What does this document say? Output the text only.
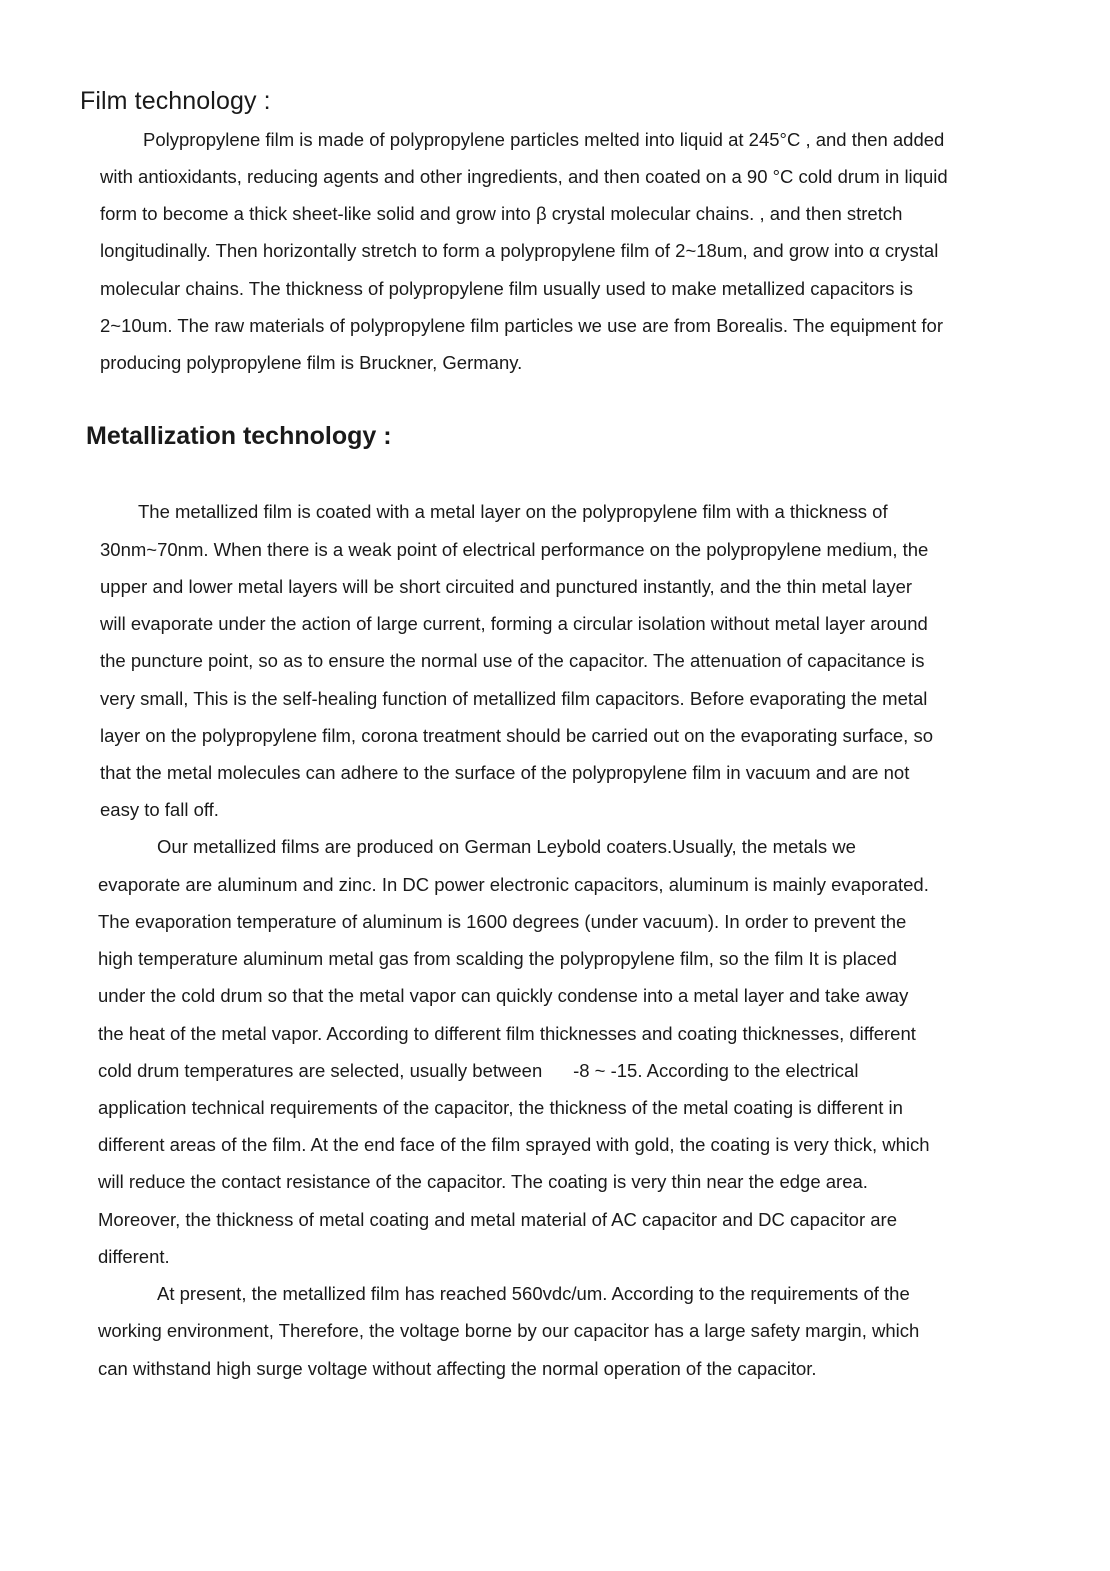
Film technology :

Polypropylene film is made of polypropylene particles melted into liquid at 245°C , and then added

with antioxidants, reducing agents and other ingredients, and then coated on a 90 °C cold drum in liquid

form to become a thick sheet-like solid and grow into β crystal molecular chains. , and then stretch

longitudinally. Then horizontally stretch to form a polypropylene film of 2~18um, and grow into α crystal

molecular chains. The thickness of polypropylene film usually used to make metallized capacitors is

2~10um. The raw materials of polypropylene film particles we use are from Borealis. The equipment for

producing polypropylene film is Bruckner, Germany.

Metallization technology :

The metallized film is coated with a metal layer on the polypropylene film with a thickness of

30nm~70nm. When there is a weak point of electrical performance on the polypropylene medium, the

upper and lower metal layers will be short circuited and punctured instantly, and the thin metal layer

will evaporate under the action of large current, forming a circular isolation without metal layer around

the puncture point, so as to ensure the normal use of the capacitor. The attenuation of capacitance is

very small, This is the self-healing function of metallized film capacitors. Before evaporating the metal

layer on the polypropylene film, corona treatment should be carried out on the evaporating surface, so

that the metal molecules can adhere to the surface of the polypropylene film in vacuum and are not

easy to fall off.

Our metallized films are produced on German Leybold coaters.Usually, the metals we

evaporate are aluminum and zinc. In DC power electronic capacitors, aluminum is mainly evaporated.

The evaporation temperature of aluminum is 1600 degrees (under vacuum). In order to prevent the

high temperature aluminum metal gas from scalding the polypropylene film, so the film It is placed

under the cold drum so that the metal vapor can quickly condense into a metal layer and take away

the heat of the metal vapor. According to different film thicknesses and coating thicknesses, different

cold drum temperatures are selected, usually between      -8 ~ -15. According to the electrical

application technical requirements of the capacitor, the thickness of the metal coating is different in

different areas of the film. At the end face of the film sprayed with gold, the coating is very thick, which

will reduce the contact resistance of the capacitor. The coating is very thin near the edge area.

Moreover, the thickness of metal coating and metal material of AC capacitor and DC capacitor are

different.

At present, the metallized film has reached 560vdc/um. According to the requirements of the

working environment, Therefore, the voltage borne by our capacitor has a large safety margin, which

can withstand high surge voltage without affecting the normal operation of the capacitor.
